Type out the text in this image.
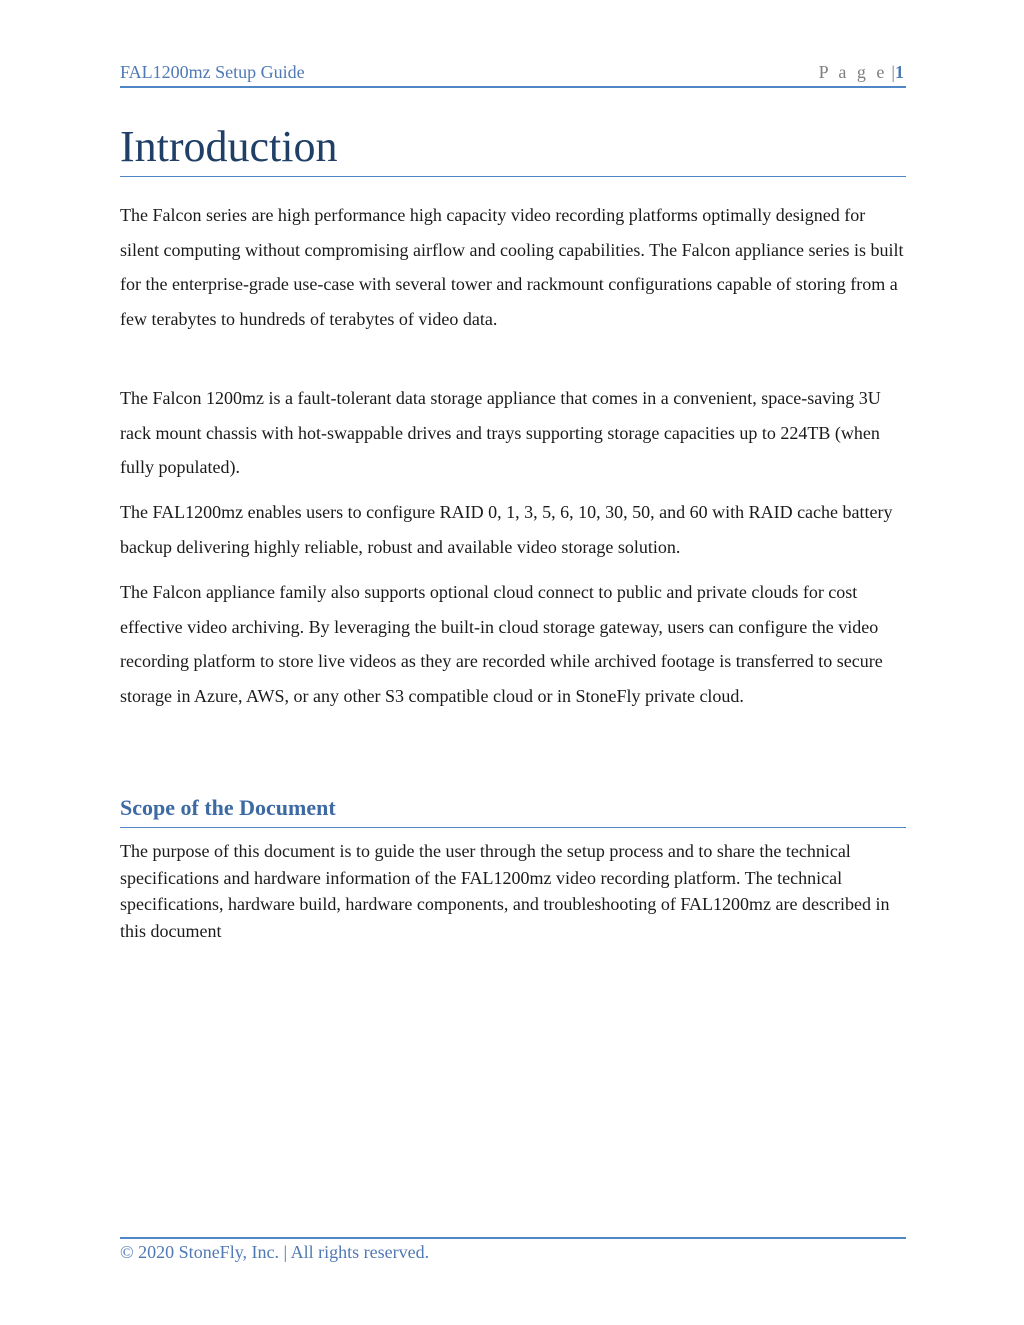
FAL1200mz Setup Guide	P a g e |1
Introduction

The Falcon series are high performance high capacity video recording platforms optimally designed for silent computing without compromising airflow and cooling capabilities. The Falcon appliance series is built for the enterprise-grade use-case with several tower and rackmount configurations capable of storing from a few terabytes to hundreds of terabytes of video data.

The Falcon 1200mz is a fault-tolerant data storage appliance that comes in a convenient, space-saving 3U rack mount chassis with hot-swappable drives and trays supporting storage capacities up to 224TB (when fully populated).

The FAL1200mz enables users to configure RAID 0, 1, 3, 5, 6, 10, 30, 50, and 60 with RAID cache battery backup delivering highly reliable, robust and available video storage solution.

The Falcon appliance family also supports optional cloud connect to public and private clouds for cost effective video archiving. By leveraging the built-in cloud storage gateway, users can configure the video recording platform to store live videos as they are recorded while archived footage is transferred to secure storage in Azure, AWS, or any other S3 compatible cloud or in StoneFly private cloud.

Scope of the Document

The purpose of this document is to guide the user through the setup process and to share the technical specifications and hardware information of the FAL1200mz video recording platform. The technical specifications, hardware build, hardware components, and troubleshooting of FAL1200mz are described in this document

© 2020 StoneFly, Inc. | All rights reserved.
